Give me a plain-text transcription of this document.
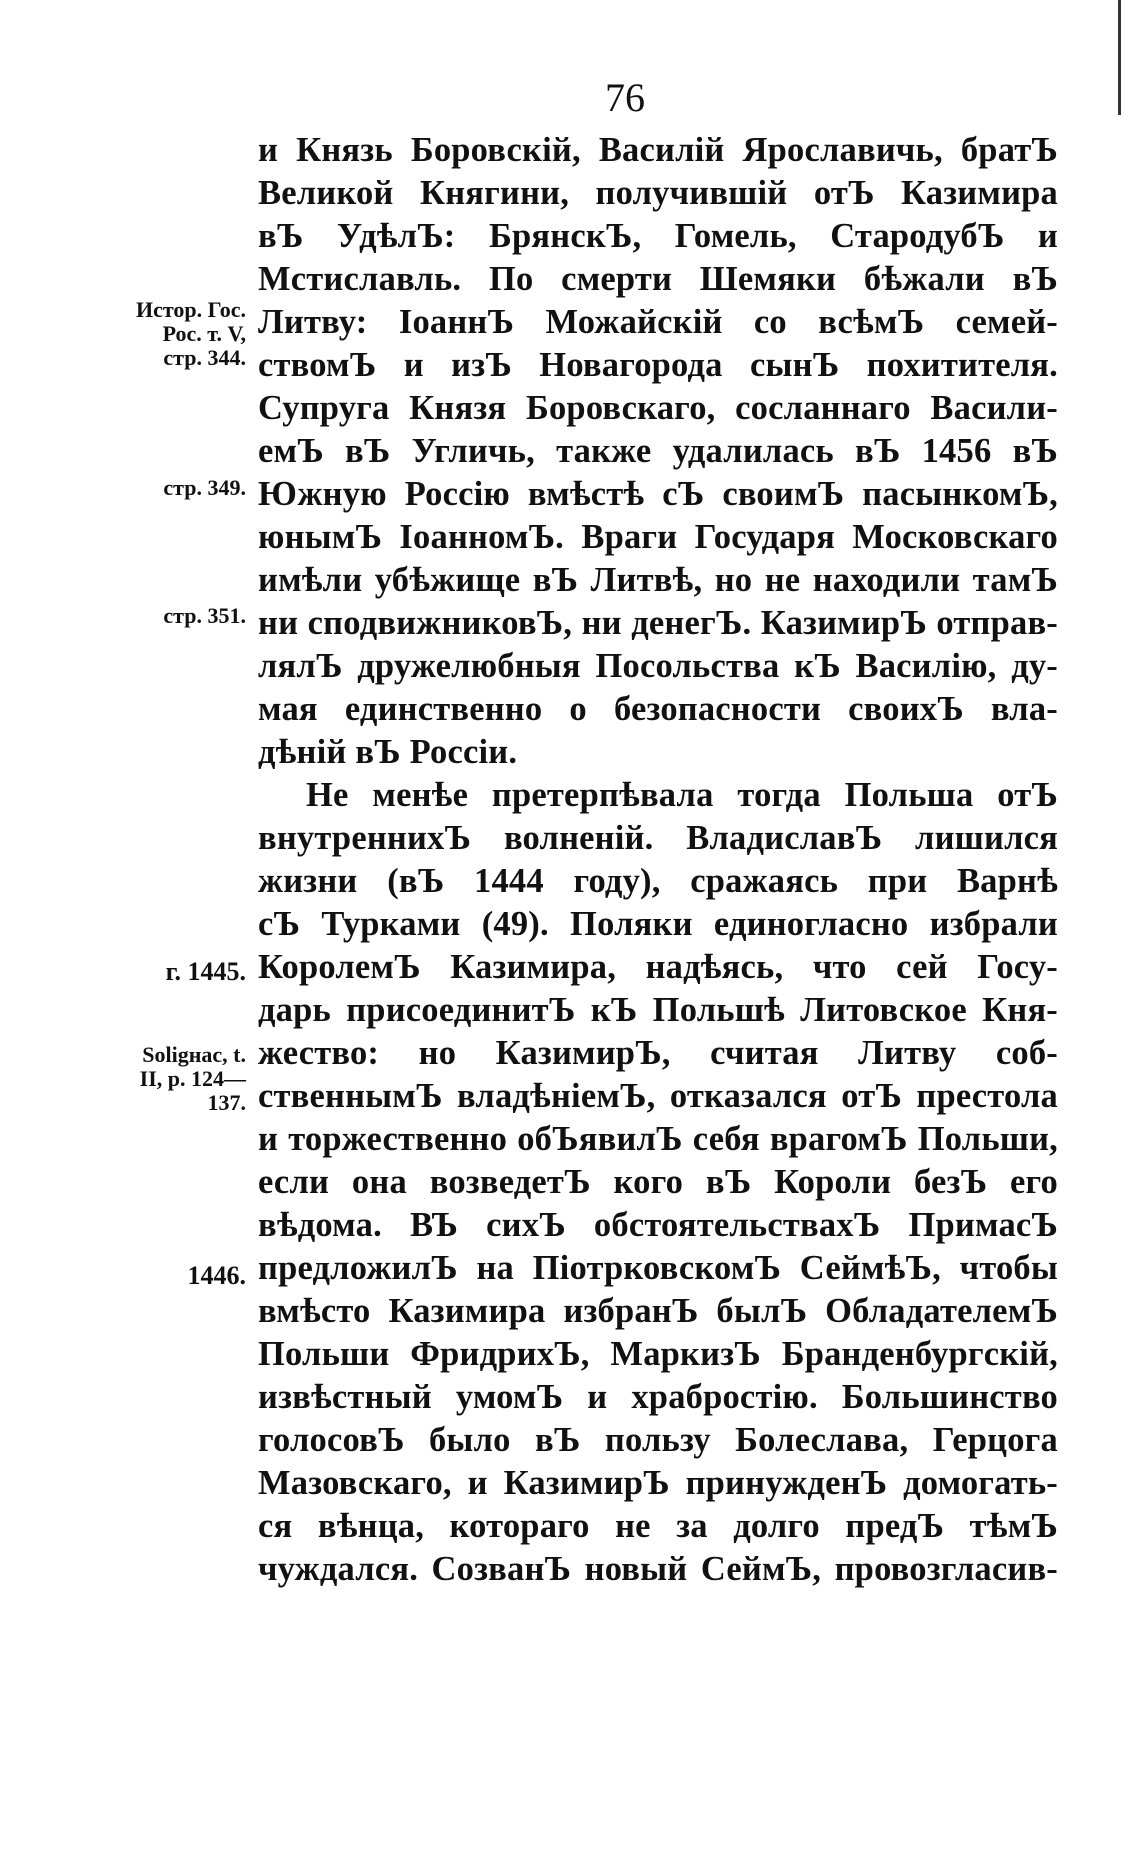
76
и Князь Боровскій, Василій Ярославичь, братЪ
Великой Княгини, получившій отЪ Казимира
вЪ УдѣлЪ: БрянскЪ, Гомель, СтародубЪ и
Мстиславль. По смерти Шемяки бѣжали вЪ
Литву: ІоаннЪ Можайскій со всѣмЪ семей-
ствомЪ и изЪ Новагорода сынЪ похитителя.
Супруга Князя Боровскаго, сосланнаго Васили-
емЪ вЪ Угличь, также удалилась вЪ 1456 вЪ
Южную Россію вмѣстѣ сЪ своимЪ пасынкомЪ,
юнымЪ ІоанномЪ. Враги Государя Московскаго
имѣли убѣжище вЪ Литвѣ, но не находили тамЪ
ни сподвижниковЪ, ни денегЪ. КазимирЪ отправ-
лялЪ дружелюбныя Посольства кЪ Василію, ду-
мая единственно о безопасности своихЪ вла-
дѣній вЪ Россіи.
Не менѣе претерпѣвала тогда Польша отЪ
внутреннихЪ волненій. ВладиславЪ лишился
жизни (вЪ 1444 году), сражаясь при Варнѣ
сЪ Турками (49). Поляки единогласно избрали
КоролемЪ Казимира, надѣясь, что сей Госу-
дарь присоединитЪ кЪ Польшѣ Литовское Кня-
жество: но КазимирЪ, считая Литву соб-
ственнымЪ владѣніемЪ, отказался отЪ престола
и торжественно обЪявилЪ себя врагомЪ Польши,
если она возведетЪ кого вЪ Короли безЪ его
вѣдома. ВЪ сихЪ обстоятельствахЪ ПримасЪ
предложилЪ на ПіотрковскомЪ СеймѣЪ, чтобы
вмѣсто Казимира избранЪ былЪ ОбладателемЪ
Польши ФридрихЪ, МаркизЪ Бранденбургскій,
извѣстный умомЪ и храбростію. Большинство
голосовЪ было вЪ пользу Болеслава, Герцога
Мазовскаго, и КазимирЪ принужденЪ домогать-
ся вѣнца, котораго не за долго предЪ тѣмЪ
чуждался. СозванЪ новый СеймЪ, провозгласив-
Истор. Гос.
Рос. т. V,
стр. 344.
стр. 349.
стр. 351.
г. 1445.
Soligнac, t.
II, p. 124—
137.
1446.
